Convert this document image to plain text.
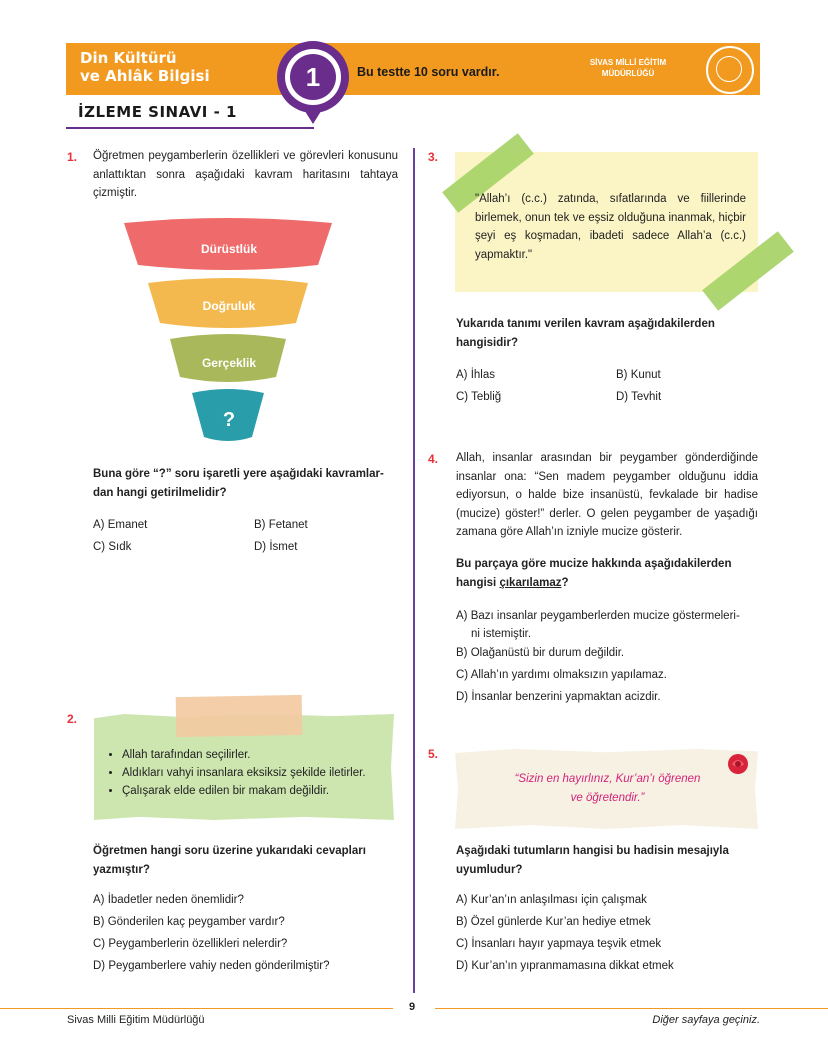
Din Kültürü
ve Ahlâk Bilgisi	1	Bu testte 10 soru vardır.
SİVAS MİLLİ EĞİTİM
MÜDÜRLÜĞÜ
İZLEME SINAVI - 1
1. Öğretmen peygamberlerin özellikleri ve görevleri konusunu anlattıktan sonra aşağıdaki kavram haritasını tahtaya çizmiştir.
Dürüstlük
Doğruluk
Gerçeklik
?
Buna göre “?” soru işaretli yere aşağıdaki kavramlar-
dan hangi getirilmelidir?
A) Emanet	B) Fetanet
C) Sıdk	D) İsmet
2.
• Allah tarafından seçilirler.
• Aldıkları vahyi insanlara eksiksiz şekilde iletirler.
• Çalışarak elde edilen bir makam değildir.
Öğretmen hangi soru üzerine yukarıdaki cevapları
yazmıştır?
A) İbadetler neden önemlidir?
B) Gönderilen kaç peygamber vardır?
C) Peygamberlerin özellikleri nelerdir?
D) Peygamberlere vahiy neden gönderilmiştir?
3.
"Allah’ı (c.c.) zatında, sıfatlarında ve fiillerinde birlemek, onun tek ve eşsiz olduğuna inanmak, hiçbir şeyi eş koşmadan, ibadeti sadece Allah’a (c.c.) yapmaktır."
Yukarıda tanımı verilen kavram aşağıdakilerden
hangisidir?
A) İhlas	B) Kunut
C) Tebliğ	D) Tevhit
4. Allah, insanlar arasından bir peygamber gönderdiğinde insanlar ona: “Sen madem peygamber olduğunu iddia ediyorsun, o halde bize insanüstü, fevkalade bir hadise (mucize) göster!” derler. O gelen peygamber de yaşadığı zamana göre Allah’ın izniyle mucize gösterir.
Bu parçaya göre mucize hakkında aşağıdakilerden
hangisi çıkarılamaz?
A) Bazı insanlar peygamberlerden mucize göstermeleri-
ni istemiştir.
B) Olağanüstü bir durum değildir.
C) Allah’ın yardımı olmaksızın yapılamaz.
D) İnsanlar benzerini yapmaktan acizdir.
5.
“Sizin en hayırlınız, Kur’an’ı öğrenen
ve öğretendir.”
Aşağıdaki tutumların hangisi bu hadisin mesajıyla
uyumludur?
A) Kur’an’ın anlaşılması için çalışmak
B) Özel günlerde Kur’an hediye etmek
C) İnsanları hayır yapmaya teşvik etmek
D) Kur’an’ın yıpranmamasına dikkat etmek
9
Sivas Milli Eğitim Müdürlüğü	Diğer sayfaya geçiniz.
